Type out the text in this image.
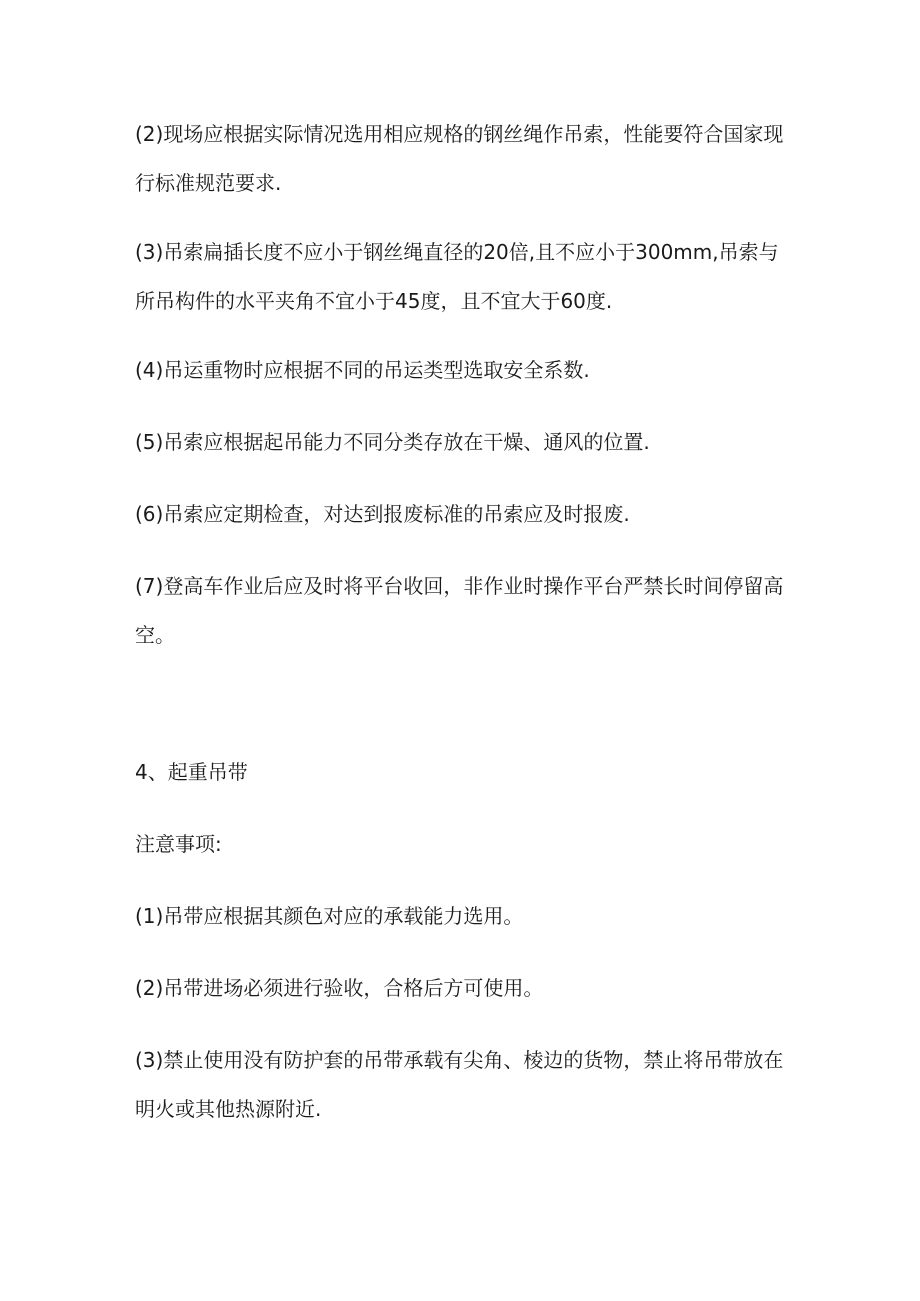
(2)现场应根据实际情况选用相应规格的钢丝绳作吊索，性能要符合国家现行标准规范要求.

(3)吊索扁插长度不应小于钢丝绳直径的20倍,且不应小于300mm,吊索与所吊构件的水平夹角不宜小于45度，且不宜大于60度.

(4)吊运重物时应根据不同的吊运类型选取安全系数.

(5)吊索应根据起吊能力不同分类存放在干燥、通风的位置.

(6)吊索应定期检查，对达到报废标准的吊索应及时报废.

(7)登高车作业后应及时将平台收回，非作业时操作平台严禁长时间停留高空。

4、起重吊带

注意事项:

(1)吊带应根据其颜色对应的承载能力选用。

(2)吊带进场必须进行验收，合格后方可使用。

(3)禁止使用没有防护套的吊带承载有尖角、棱边的货物，禁止将吊带放在明火或其他热源附近.
